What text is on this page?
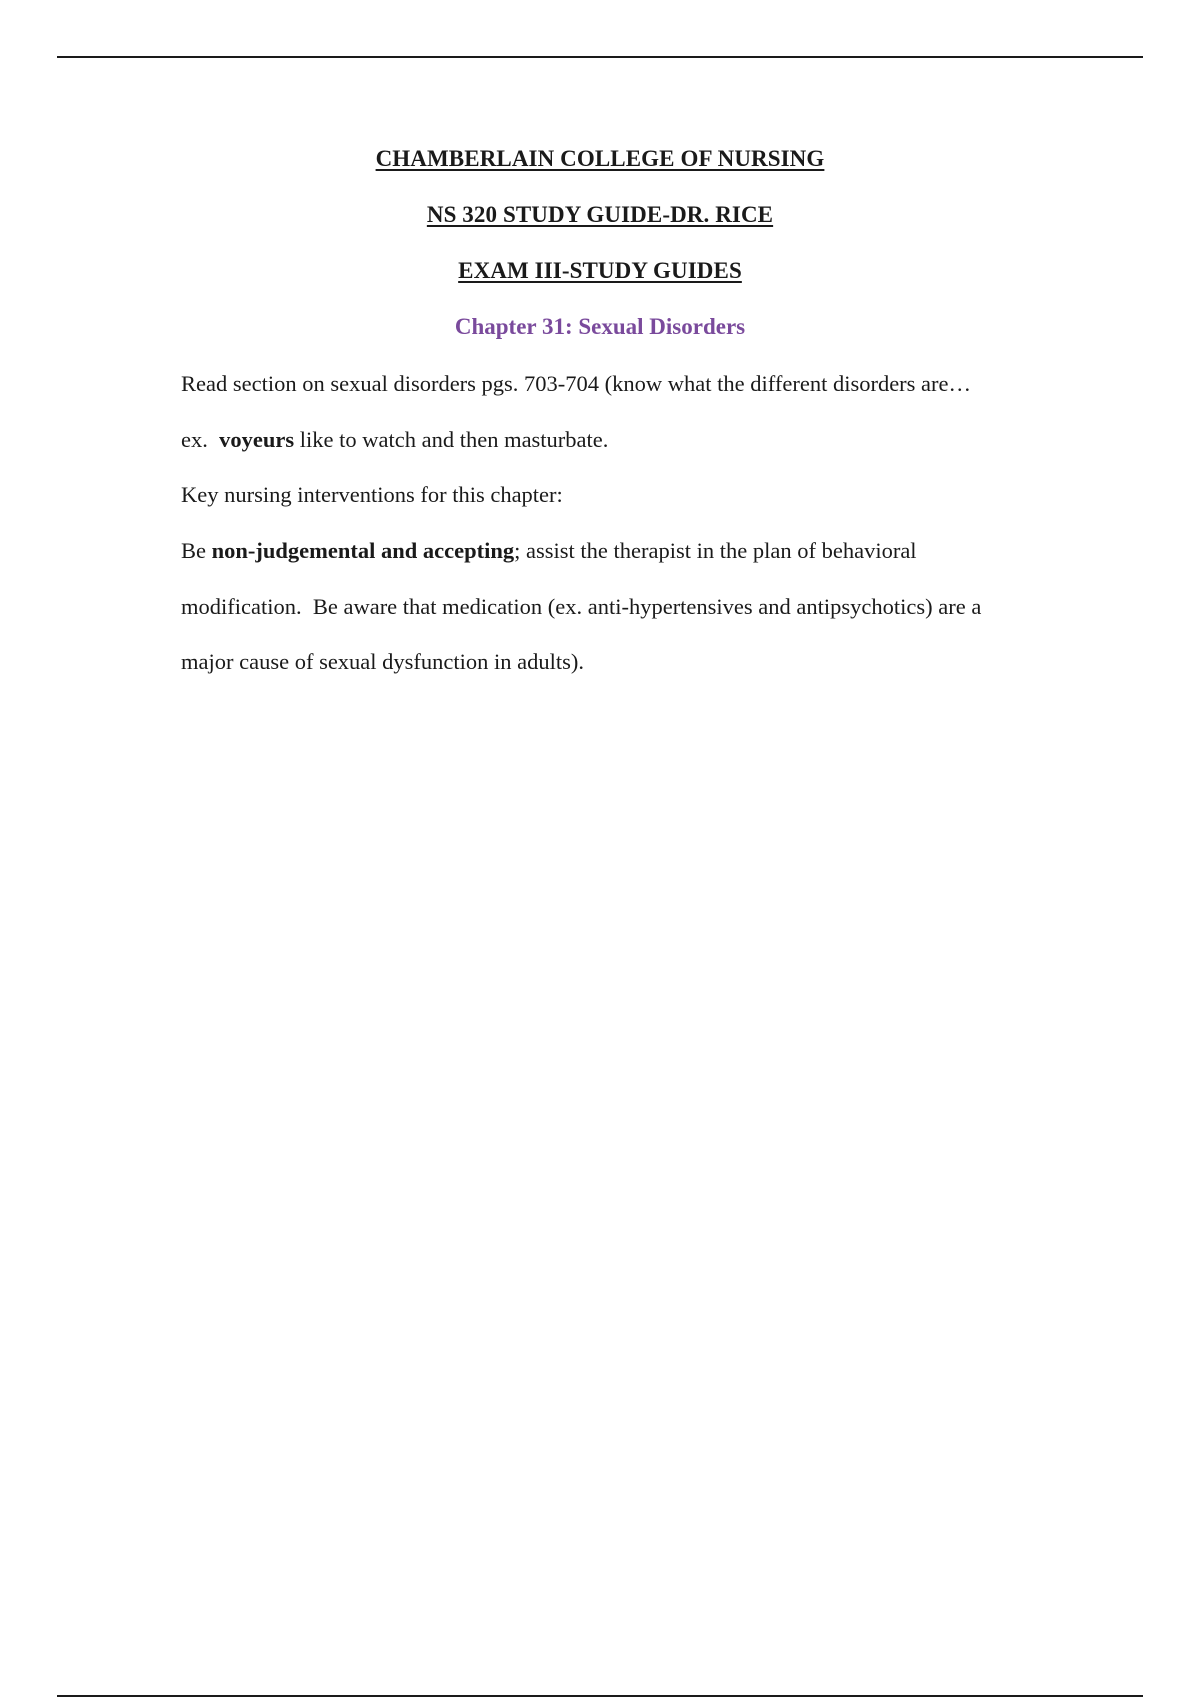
CHAMBERLAIN COLLEGE OF NURSING
NS 320 STUDY GUIDE-DR. RICE
EXAM III-STUDY GUIDES
Chapter 31: Sexual Disorders
Read section on sexual disorders pgs. 703-704 (know what the different disorders are…
ex.  voyeurs like to watch and then masturbate.
Key nursing interventions for this chapter:
Be non-judgemental and accepting; assist the therapist in the plan of behavioral
modification.  Be aware that medication (ex. anti-hypertensives and antipsychotics) are a
major cause of sexual dysfunction in adults).
